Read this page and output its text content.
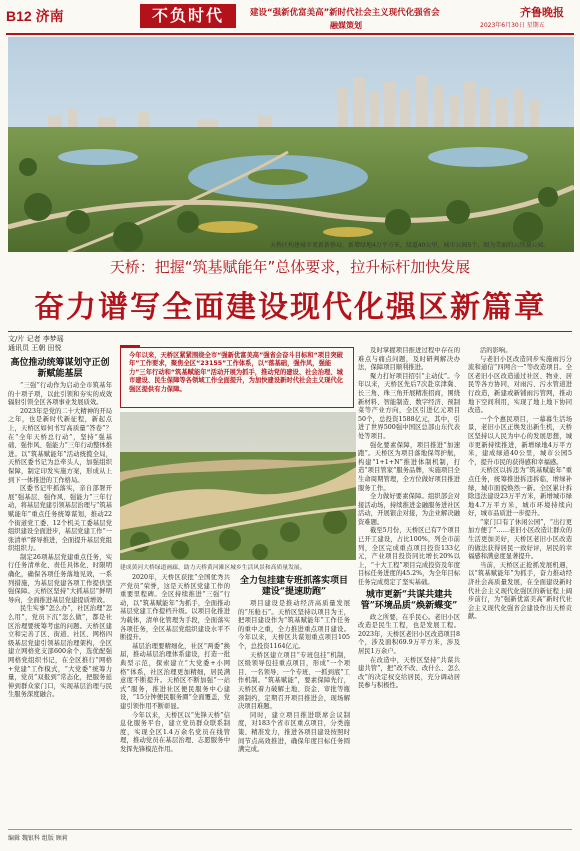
B12 济南	不负时代	建设“强新优富美高”新时代社会主义现代化强省会
融媒策划
齐鲁晚报
2023年6月30日 星期五
天桥区构建城市更新新格局，新增绿地4万平方米，绿道40公里，城市公园5个，图为美丽的云绣湖公园。
天桥：把握“筑基赋能年”总体要求，拉升标杆加快发展
奋力谱写全面建设现代化强区新篇章
文/片 记者 李梦瑶
通讯员 王朝 田悦
高位推动统筹谋划守正创新赋能基层

“三强”行动作为启动全市筑基年的十项子项，以此引领和夯实的成效辐射引领全区各项事业发展质效。

2023年是党的二十大精神的开局之年，也是新时代新征程，新起点上，天桥区如何书写高质量“答卷”？在“全年天桥总行动”，坚持“强基础、强作风、强能力”三年行动整体推进。以“筑基赋能年”活动统揽全局，天桥区委书记为总牵头人，加强组织保障，制定印发实施方案，形成从上到下一体推进的工作格局。

区委书记牢抓落实，亲自部署开展“强基层、强作风、强能力”三年行动，将基层党建引领基层治理与“筑基赋能年”重点任务统筹谋划，推动22个街道党工委、12个机关工委基层党组织建设全面进步，基层党建工作“一张清单”督导推进，全面提升基层党组织组织力。

制定26项基层党建重点任务，实行任务清单化、责任具体化、时限明确化，确保各项任务落地见效，一系列措施，为基层党建各项工作提供坚强保障。天桥区坚持“大抓基层”鲜明导向，全面推进基层党建提质增效。

民生实事“怎么办”，社区治理“怎么用”，党员下沉“怎么做”，都是社区治理要统筹考虑的问题。天桥区建立和完善了区、街道、社区、网格四级基层党建引领基层治理架构，全区建立网格党支部600余个，选优配强网格党组织书记，在全区推行“网格+党建”工作模式，“大党委”统筹力量，党员“双报到”常态化，把服务延伸到群众家门口，实现基层治理与民生服务深度融合。

今年以来，天桥区紧紧围绕全市“强新优富美高”强省会奋斗目标和“项目突破年”工作要求，聚焦全区“23155”工作体系，以“落基础，强作风，强能力”三年行动和“筑基赋能年”活动开展为抓手，推动党的建设、社会治理、城市建设、民生保障等各领域工作全面提升，为加快建设新时代社会主义现代化强区提供有力保障。
建成黄河大桥绿道画廊，助力天桥黄河滩区城乡生活风景和高质量发展。

2020年，天桥区获批“全国优秀共产党员”荣誉，这是天桥区党建工作的重要里程碑。全区持续推进“三强”行动，以“筑基赋能年”为抓手，全面推动基层党建工作提档升级。以项目化推进为载体，清单化管理为手段，全面落实各项任务，全区基层党组织建设水平不断提升。

基层治理要精细化，社区“两委”换届，推动基层治理体系建设，打造一批典型示范，探索建立“大党委+小网格”体系，社区治理更加精细，居民满意度不断提升。天桥区不断加强“一站式”服务，推进社区便民服务中心建设，“15分钟便民服务圈”全面覆盖，党建引领作用不断彰显。

今年以来，天桥区以“先锋天桥”信息化服务平台，建立党员群众联系制度，实现全区1.4万余名党员在线管理，推动党员在基层治理、志愿服务中发挥先锋模范作用。

全力包挂建专班抓落实项目建设“提速助跑”

项目建设是推动经济高质量发展的“压舱石”。天桥区坚持以项目为王，把项目建设作为“筑基赋能年”工作任务的重中之重，全力推进重点项目建设。今年以来，天桥区共谋划重点项目105个，总投资1164亿元。

天桥区建立项目“专班包挂”机制，区级领导包挂重点项目，形成“一个项目、一名领导、一个专班、一抓到底”工作机制。“筑基赋能”，要素保障先行，天桥区着力破解土地、资金、审批等瓶颈制约，定期召开项目推进会，现场解决项目难题。

同时，建立项目推进联席会议制度，对183个省市区重点项目，分类施策、精准发力，推进各项目建设按照时间节点高效推进，确保年度目标任务圆满完成。

及时掌握项目推进过程中存在的难点与痛点问题，及时研判解决办法，保障项目顺利推进。

聚力打好项目招引“主动仗”。今年以来，天桥区先后7次赴京津冀、长三角、珠三角开展精准招商，围绕新材料、智能制造、数字经济、预制菜等产业方向，全区引进亿元项目50个，总投资1588亿元，其中，引进了世界500强中国区总部山东代表处等项目。

强化要素保障，项目推进“加速跑”。天桥区为项目落地保驾护航，构建“1+1+N”推进体制机制，打造“项目管家”服务品牌，实施项目全生命周期管理，全方位做好项目推进服务工作。

全力做好要素保障。组织部会对接活动场，持续推进金融服务进社区活动，开展银企对接，为企业解决融资难题。

截至5月份，天桥区已有7个项目已开工建设，占比100%，列全市前列，全区完成重点项目投资133亿元，产业项目投资同比增长20%以上，“十大工程”项目完成投资及年度目标任务进度的45.2%，为全年目标任务完成奠定了坚实基础。

城市更新“共谋共建共管”环境品质“焕新蝶变”

政之所要，在乎民心。老旧小区改造是民生工程，也是发展工程。2023年，天桥区老旧小区改造项目8个，涉及面积69.9万平方米，涉及居民1万余户。

在改造中，天桥区坚持“共谋共建共管”，把“改不改、改什么、怎么改”的决定权交给居民，充分调动居民参与积极性。

活的影响。

与老旧小区改造同步实施雨污分流和通信“四网合一”等改造项目。全区老旧小区改造通过社区、物业、居民等各方协同，对雨污、污水管道进行改造，新建或新铺雨污管网，推动地下空间利用，实现了地上地下协同改造。

一个个惠民项目，一幕幕生活场景，老旧小区正焕发出新生机，天桥区坚持以人民为中心的发展思想，城市更新持续推进，新增绿地4万平方米，建成绿道40公里，城市公园5个，提升市民的获得感和幸福感。

天桥区以拆违为“筑基赋能年”重点任务，统筹推进拆违拆临，增绿补绿，城市面貌焕然一新。全区累计拆除违法建设23万平方米，新增城市绿地4.7万平方米，城市环境持续向好，城市品质进一步提升。

“家门口有了休闲公园”，“出行更加方便了”……老旧小区改造让群众的生活更加美好，天桥区老旧小区改造的做法获得居民一致好评，居民的幸福感和满意度显著提升。

当前，天桥区正抢抓发展机遇，以“筑基赋能年”为抓手，奋力推动经济社会高质量发展，在全面建设新时代社会主义现代化强区的新征程上阔步前行，为“强新优富美高”新时代社会主义现代化强省会建设作出天桥贡献。

编辑 魏银科 组版 顾莉
